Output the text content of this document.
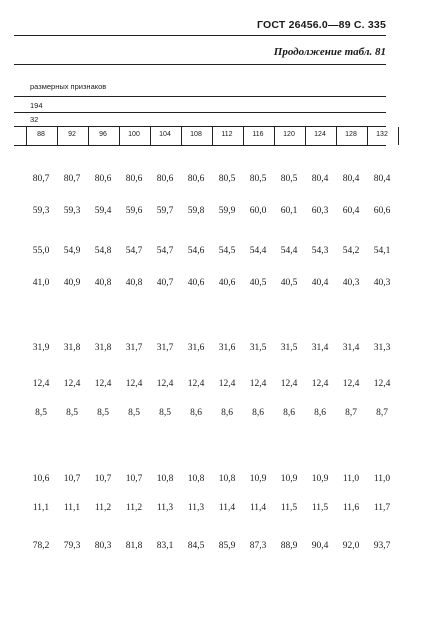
ГОСТ 26456.0—89 С. 335
Продолжение табл. 81
размерных признаков
194
32
88	92	96	100	104	108	112	116	120	124	128	132
80,7	80,7	80,6	80,6	80,6	80,6	80,5	80,5	80,5	80,4	80,4	80,4
59,3	59,3	59,4	59,6	59,7	59,8	59,9	60,0	60,1	60,3	60,4	60,6
55,0	54,9	54,8	54,7	54,7	54,6	54,5	54,4	54,4	54,3	54,2	54,1
41,0	40,9	40,8	40,8	40,7	40,6	40,6	40,5	40,5	40,4	40,3	40,3
31,9	31,8	31,8	31,7	31,7	31,6	31,6	31,5	31,5	31,4	31,4	31,3
12,4	12,4	12,4	12,4	12,4	12,4	12,4	12,4	12,4	12,4	12,4	12,4
8,5	8,5	8,5	8,5	8,5	8,6	8,6	8,6	8,6	8,6	8,7	8,7
10,6	10,7	10,7	10,7	10,8	10,8	10,8	10,9	10,9	10,9	11,0	11,0
11,1	11,1	11,2	11,2	11,3	11,3	11,4	11,4	11,5	11,5	11,6	11,7
78,2	79,3	80,3	81,8	83,1	84,5	85,9	87,3	88,9	90,4	92,0	93,7
